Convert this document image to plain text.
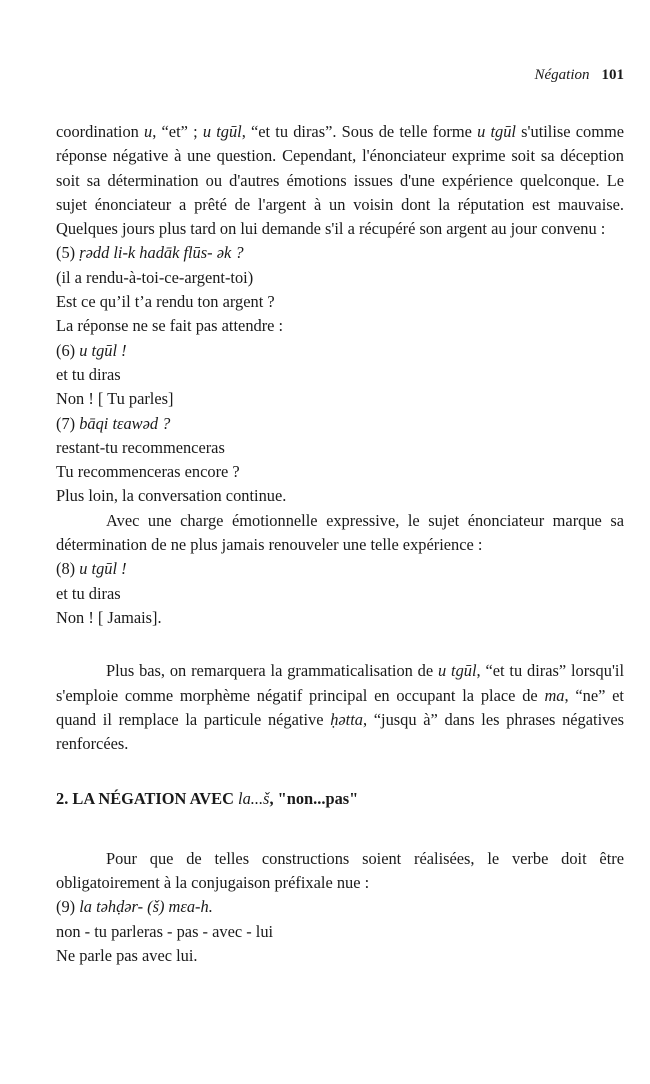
Négation 101

coordination u, “et” ; u tgūl, “et tu diras”. Sous de telle forme u tgūl s'utilise comme réponse négative à une question. Cependant, l'énonciateur exprime soit sa déception soit sa détermination ou d'autres émotions issues d'une expérience quelconque. Le sujet énonciateur a prêté de l'argent à un voisin dont la réputation est mauvaise. Quelques jours plus tard on lui demande s'il a récupéré son argent au jour convenu :

(5) ṛədd li-k hadāk flūs- ək ?

(il a rendu-à-toi-ce-argent-toi)

Est ce qu’il t’a rendu ton argent ?

La réponse ne se fait pas attendre :

(6) u tgūl !

et tu diras

Non ! [ Tu parles]

(7) bāqi tεawəd ?

restant-tu recommenceras

Tu recommenceras encore ?

Plus loin, la conversation continue.

Avec une charge émotionnelle expressive, le sujet énonciateur marque sa détermination de ne plus jamais renouveler une telle expérience :

(8) u tgūl !

et tu diras

Non ! [ Jamais].

Plus bas, on remarquera la grammaticalisation de u tgūl, “et tu diras” lorsqu'il s'emploie comme morphème négatif principal en occupant la place de ma, “ne” et quand il remplace la particule négative ḥətta, “jusqu à” dans les phrases négatives renforcées.

2. LA NÉGATION AVEC la...š, "non...pas"

Pour que de telles constructions soient réalisées, le verbe doit être obligatoirement à la conjugaison préfixale nue :

(9) la təhḍər- (š) mεa-h.

non - tu parleras - pas - avec - lui

Ne parle pas avec lui.
